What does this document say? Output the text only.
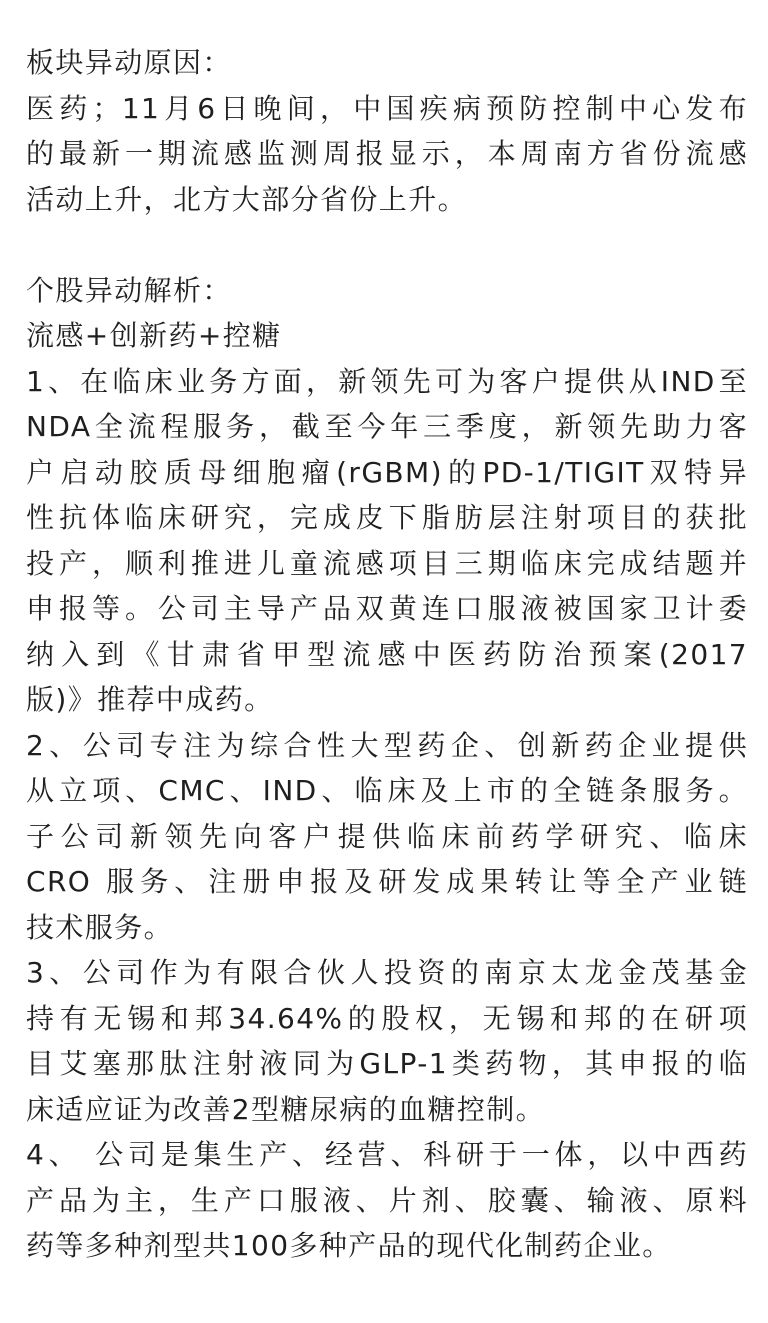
板块异动原因：
医药；11月6日晚间，中国疾病预防控制中心发布
的最新一期流感监测周报显示，本周南方省份流感
活动上升，北方大部分省份上升。
个股异动解析：
流感+创新药+控糖
1、在临床业务方面，新领先可为客户提供从IND至
NDA全流程服务，截至今年三季度，新领先助力客
户启动胶质母细胞瘤(rGBM)的PD-1/TIGIT双特异
性抗体临床研究，完成皮下脂肪层注射项目的获批
投产，顺利推进儿童流感项目三期临床完成结题并
申报等。公司主导产品双黄连口服液被国家卫计委
纳入到《甘肃省甲型流感中医药防治预案(2017
版)》推荐中成药。
2、公司专注为综合性大型药企、创新药企业提供
从立项、CMC、IND、临床及上市的全链条服务。
子公司新领先向客户提供临床前药学研究、临床
CRO 服务、注册申报及研发成果转让等全产业链
技术服务。
3、公司作为有限合伙人投资的南京太龙金茂基金
持有无锡和邦34.64%的股权，无锡和邦的在研项
目艾塞那肽注射液同为GLP-1类药物，其申报的临
床适应证为改善2型糖尿病的血糖控制。
4、 公司是集生产、经营、科研于一体，以中西药
产品为主，生产口服液、片剂、胶囊、输液、原料
药等多种剂型共100多种产品的现代化制药企业。
